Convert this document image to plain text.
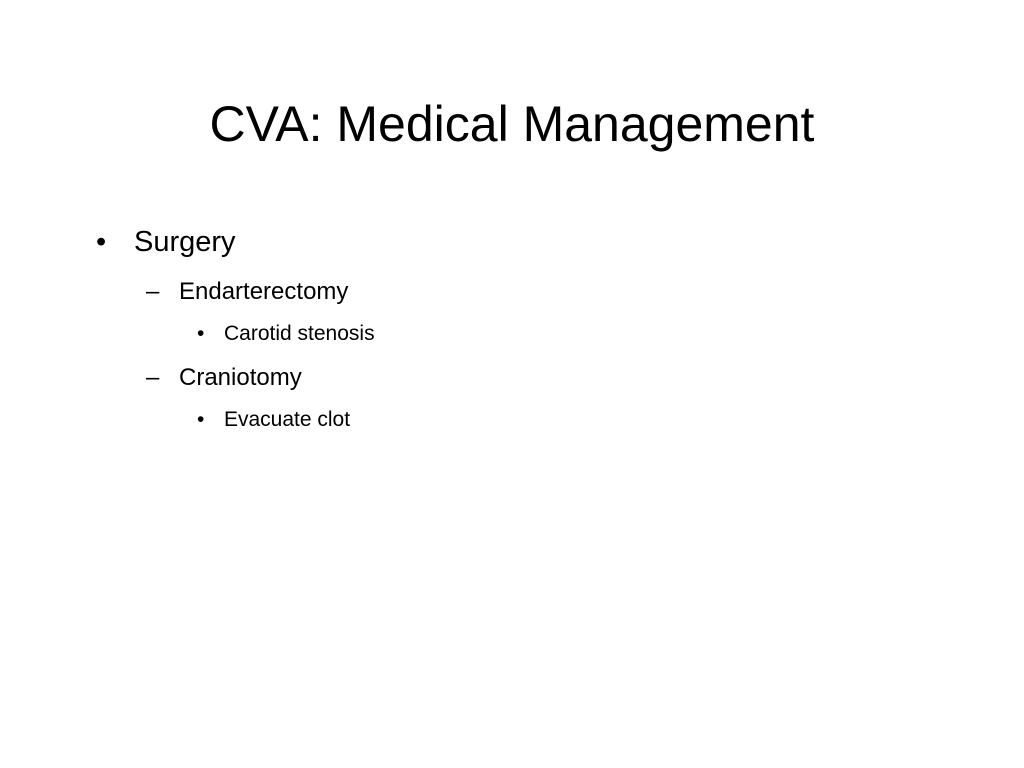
CVA: Medical Management
• Surgery
– Endarterectomy
• Carotid stenosis
– Craniotomy
• Evacuate clot
